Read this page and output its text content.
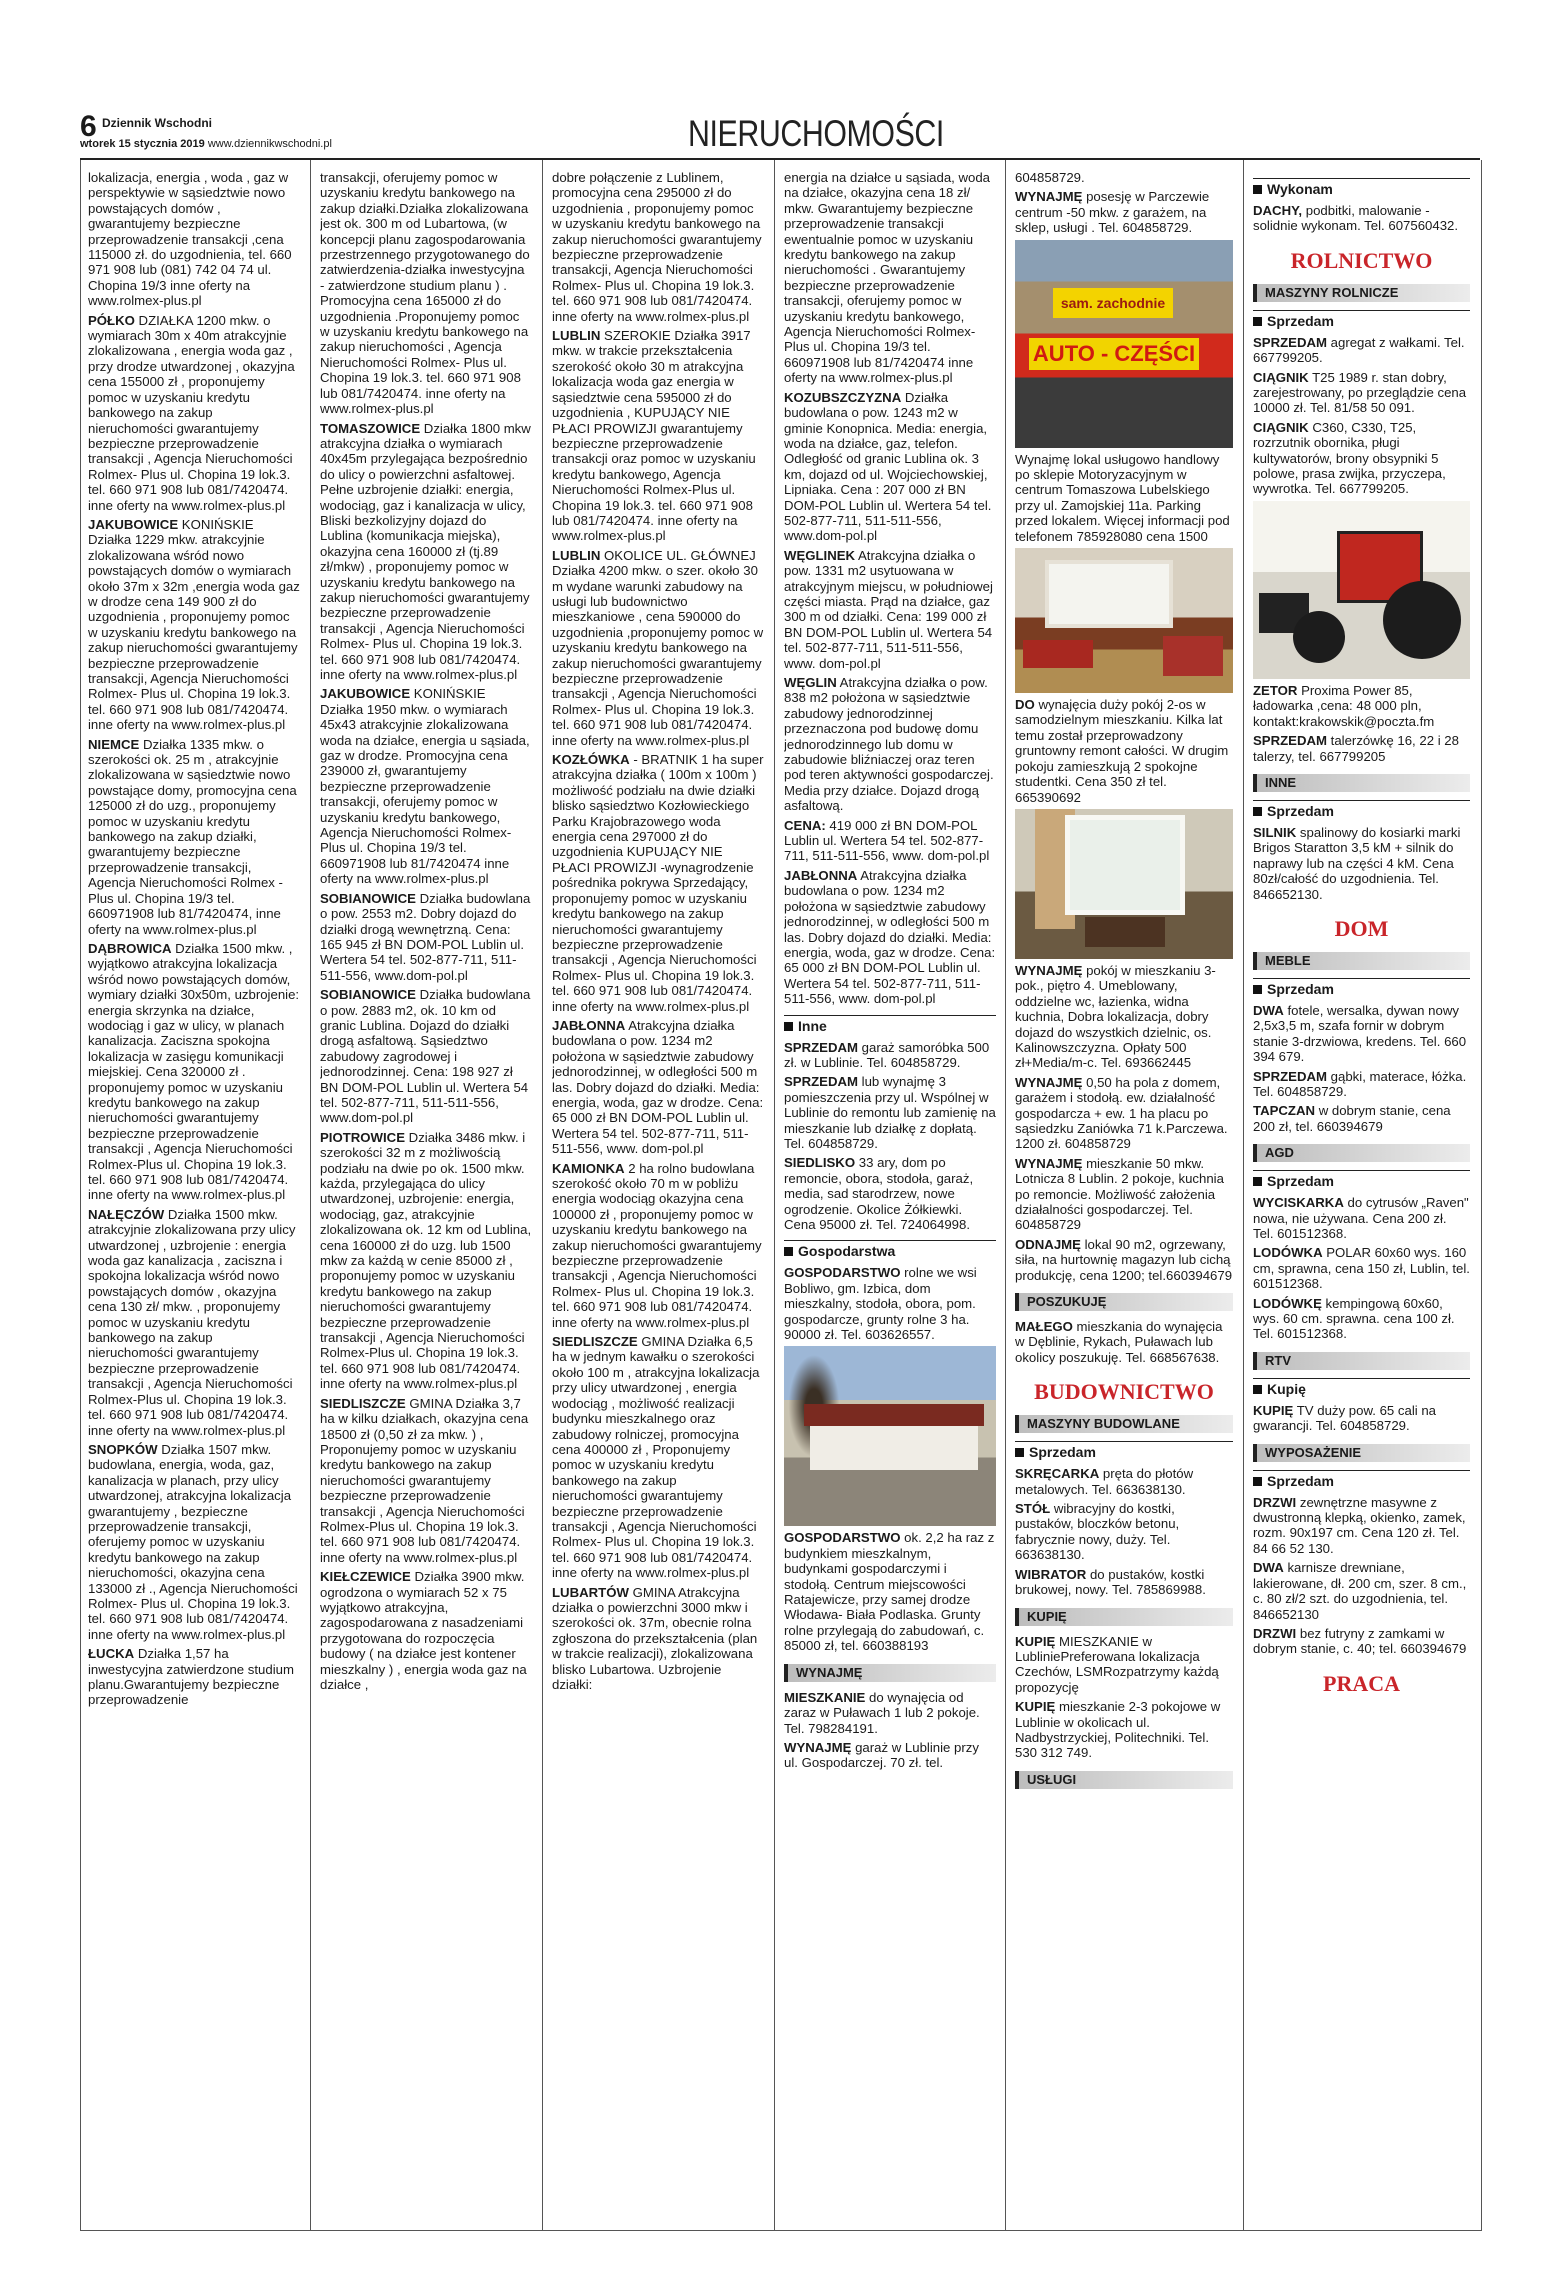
6 Dziennik Wschodni
wtorek 15 stycznia 2019 www.dziennikwschodni.pl	NIERUCHOMOŚCI

lokalizacja, energia , woda , gaz w perspektywie w sąsiedztwie nowo powstających domów , gwarantujemy bezpieczne przeprowadzenie transakcji ,cena 115000 zł. do uzgodnienia, tel. 660 971 908 lub (081) 742 04 74 ul. Chopina 19/3 inne oferty na www.rolmex-plus.pl

PÓŁKO DZIAŁKA 1200 mkw. o wymiarach 30m x 40m atrakcyjnie zlokalizowana , energia woda gaz , przy drodze utwardzonej , okazyjna cena 155000 zł , proponujemy pomoc w uzyskaniu kredytu bankowego na zakup nieruchomości gwarantujemy bezpieczne przeprowadzenie transakcji , Agencja Nieruchomości Rolmex- Plus ul. Chopina 19 lok.3. tel. 660 971 908 lub 081/7420474. inne oferty na www.rolmex-plus.pl

JAKUBOWICE KONIŃSKIE Działka 1229 mkw. atrakcyjnie zlokalizowana wśród nowo powstających domów o wymiarach około 37m x 32m ,energia woda gaz w drodze cena 149 900 zł do uzgodnienia , proponujemy pomoc w uzyskaniu kredytu bankowego na zakup nieruchomości gwarantujemy bezpieczne przeprowadzenie transakcji, Agencja Nieruchomości Rolmex- Plus ul. Chopina 19 lok.3. tel. 660 971 908 lub 081/7420474. inne oferty na www.rolmex-plus.pl

NIEMCE Działka 1335 mkw. o szerokości ok. 25 m , atrakcyjnie zlokalizowana w sąsiedztwie nowo powstające domy, promocyjna cena 125000 zł do uzg., proponujemy pomoc w uzyskaniu kredytu bankowego na zakup działki, gwarantujemy bezpieczne przeprowadzenie transakcji, Agencja Nieruchomości Rolmex - Plus ul. Chopina 19/3 tel. 660971908 lub 81/7420474, inne oferty na www.rolmex-plus.pl

DĄBROWICA Działka 1500 mkw. , wyjątkowo atrakcyjna lokalizacja wśród nowo powstających domów, wymiary działki 30x50m, uzbrojenie: energia skrzynka na działce, wodociąg i gaz w ulicy, w planach kanalizacja. Zaciszna spokojna lokalizacja w zasięgu komunikacji miejskiej. Cena 320000 zł . proponujemy pomoc w uzyskaniu kredytu bankowego na zakup nieruchomości gwarantujemy bezpieczne przeprowadzenie transakcji , Agencja Nieruchomości Rolmex-Plus ul. Chopina 19 lok.3. tel. 660 971 908 lub 081/7420474. inne oferty na www.rolmex-plus.pl

NAŁĘCZÓW Działka 1500 mkw. atrakcyjnie zlokalizowana przy ulicy utwardzonej , uzbrojenie : energia woda gaz kanalizacja , zaciszna i spokojna lokalizacja wśród nowo powstających domów , okazyjna cena 130 zł/ mkw. , proponujemy pomoc w uzyskaniu kredytu bankowego na zakup nieruchomości gwarantujemy bezpieczne przeprowadzenie transakcji , Agencja Nieruchomości Rolmex-Plus ul. Chopina 19 lok.3. tel. 660 971 908 lub 081/7420474. inne oferty na www.rolmex-plus.pl

SNOPKÓW Działka 1507 mkw. budowlana, energia, woda, gaz, kanalizacja w planach, przy ulicy utwardzonej, atrakcyjna lokalizacja gwarantujemy , bezpieczne przeprowadzenie transakcji, oferujemy pomoc w uzyskaniu kredytu bankowego na zakup nieruchomości, okazyjna cena 133000 zł ., Agencja Nieruchomości Rolmex- Plus ul. Chopina 19 lok.3. tel. 660 971 908 lub 081/7420474. inne oferty na www.rolmex-plus.pl

ŁUCKA Działka 1,57 ha inwestycyjna zatwierdzone studium planu.Gwarantujemy bezpieczne przeprowadzenie

transakcji, oferujemy pomoc w uzyskaniu kredytu bankowego na zakup działki.Działka zlokalizowana jest ok. 300 m od Lubartowa, (w koncepcji planu zagospodarowania przestrzennego przygotowanego do zatwierdzenia-działka inwestycyjna - zatwierdzone studium planu ) . Promocyjna cena 165000 zł do uzgodnienia .Proponujemy pomoc w uzyskaniu kredytu bankowego na zakup nieruchomości , Agencja Nieruchomości Rolmex- Plus ul. Chopina 19 lok.3. tel. 660 971 908 lub 081/7420474. inne oferty na www.rolmex-plus.pl

TOMASZOWICE Działka 1800 mkw atrakcyjna działka o wymiarach 40x45m przylegająca bezpośrednio do ulicy o powierzchni asfaltowej. Pełne uzbrojenie działki: energia, wodociąg, gaz i kanalizacja w ulicy, Bliski bezkolizyjny dojazd do Lublina (komunikacja miejska), okazyjna cena 160000 zł (tj.89 zł/mkw) , proponujemy pomoc w uzyskaniu kredytu bankowego na zakup nieruchomości gwarantujemy bezpieczne przeprowadzenie transakcji , Agencja Nieruchomości Rolmex- Plus ul. Chopina 19 lok.3. tel. 660 971 908 lub 081/7420474. inne oferty na www.rolmex-plus.pl

JAKUBOWICE KONIŃSKIE Działka 1950 mkw. o wymiarach 45x43 atrakcyjnie zlokalizowana woda na działce, energia u sąsiada, gaz w drodze. Promocyjna cena 239000 zł, gwarantujemy bezpieczne przeprowadzenie transakcji, oferujemy pomoc w uzyskaniu kredytu bankowego, Agencja Nieruchomości Rolmex- Plus ul. Chopina 19/3 tel. 660971908 lub 81/7420474 inne oferty na www.rolmex-plus.pl

SOBIANOWICE Działka budowlana o pow. 2553 m2. Dobry dojazd do działki drogą wewnętrzną. Cena: 165 945 zł BN DOM-POL Lublin ul. Wertera 54 tel. 502-877-711, 511-511-556, www.dom-pol.pl

SOBIANOWICE Działka budowlana o pow. 2883 m2, ok. 10 km od granic Lublina. Dojazd do działki drogą asfaltową. Sąsiedztwo zabudowy zagrodowej i jednorodzinnej. Cena: 198 927 zł BN DOM-POL Lublin ul. Wertera 54 tel. 502-877-711, 511-511-556, www.dom-pol.pl

PIOTROWICE Działka 3486 mkw. i szerokości 32 m z możliwością podziału na dwie po ok. 1500 mkw. każda, przylegająca do ulicy utwardzonej, uzbrojenie: energia, wodociąg, gaz, atrakcyjnie zlokalizowana ok. 12 km od Lublina, cena 160000 zł do uzg. lub 1500 mkw za każdą w cenie 85000 zł , proponujemy pomoc w uzyskaniu kredytu bankowego na zakup nieruchomości gwarantujemy bezpieczne przeprowadzenie transakcji , Agencja Nieruchomości Rolmex-Plus ul. Chopina 19 lok.3. tel. 660 971 908 lub 081/7420474. inne oferty na www.rolmex-plus.pl

SIEDLISZCZE GMINA Działka 3,7 ha w kilku działkach, okazyjna cena 18500 zł (0,50 zł za mkw. ) , Proponujemy pomoc w uzyskaniu kredytu bankowego na zakup nieruchomości gwarantujemy bezpieczne przeprowadzenie transakcji , Agencja Nieruchomości Rolmex-Plus ul. Chopina 19 lok.3. tel. 660 971 908 lub 081/7420474. inne oferty na www.rolmex-plus.pl

KIEŁCZEWICE Działka 3900 mkw. ogrodzona o wymiarach 52 x 75 wyjątkowo atrakcyjna, zagospodarowana z nasadzeniami przygotowana do rozpoczęcia budowy ( na działce jest kontener mieszkalny ) , energia woda gaz na działce ,

dobre połączenie z Lublinem, promocyjna cena 295000 zł do uzgodnienia , proponujemy pomoc w uzyskaniu kredytu bankowego na zakup nieruchomości gwarantujemy bezpieczne przeprowadzenie transakcji, Agencja Nieruchomości Rolmex- Plus ul. Chopina 19 lok.3. tel. 660 971 908 lub 081/7420474. inne oferty na www.rolmex-plus.pl

LUBLIN SZEROKIE Działka 3917 mkw. w trakcie przekształcenia szerokość około 30 m atrakcyjna lokalizacja woda gaz energia w sąsiedztwie cena 595000 zł do uzgodnienia , KUPUJĄCY NIE PŁACI PROWIZJI gwarantujemy bezpieczne przeprowadzenie transakcji oraz pomoc w uzyskaniu kredytu bankowego, Agencja Nieruchomości Rolmex-Plus ul. Chopina 19 lok.3. tel. 660 971 908 lub 081/7420474. inne oferty na www.rolmex-plus.pl

LUBLIN OKOLICE UL. GŁÓWNEJ Działka 4200 mkw. o szer. około 30 m wydane warunki zabudowy na usługi lub budownictwo mieszkaniowe , cena 590000 do uzgodnienia ,proponujemy pomoc w uzyskaniu kredytu bankowego na zakup nieruchomości gwarantujemy bezpieczne przeprowadzenie transakcji , Agencja Nieruchomości Rolmex- Plus ul. Chopina 19 lok.3. tel. 660 971 908 lub 081/7420474. inne oferty na www.rolmex-plus.pl

KOZŁÓWKA - BRATNIK 1 ha super atrakcyjna działka ( 100m x 100m ) możliwość podziału na dwie działki blisko sąsiedztwo Kozłowieckiego Parku Krajobrazowego woda energia cena 297000 zł do uzgodnienia KUPUJĄCY NIE PŁACI PROWIZJI -wynagrodzenie pośrednika pokrywa Sprzedający, proponujemy pomoc w uzyskaniu kredytu bankowego na zakup nieruchomości gwarantujemy bezpieczne przeprowadzenie transakcji , Agencja Nieruchomości Rolmex- Plus ul. Chopina 19 lok.3. tel. 660 971 908 lub 081/7420474. inne oferty na www.rolmex-plus.pl

JABŁONNA Atrakcyjna działka budowlana o pow. 1234 m2 położona w sąsiedztwie zabudowy jednorodzinnej, w odległości 500 m las. Dobry dojazd do działki. Media: energia, woda, gaz w drodze. Cena: 65 000 zł BN DOM-POL Lublin ul. Wertera 54 tel. 502-877-711, 511-511-556, www. dom-pol.pl

KAMIONKA 2 ha rolno budowlana szerokość około 70 m w pobliżu energia wodociąg okazyjna cena 100000 zł , proponujemy pomoc w uzyskaniu kredytu bankowego na zakup nieruchomości gwarantujemy bezpieczne przeprowadzenie transakcji , Agencja Nieruchomości Rolmex- Plus ul. Chopina 19 lok.3. tel. 660 971 908 lub 081/7420474. inne oferty na www.rolmex-plus.pl

SIEDLISZCZE GMINA Działka 6,5 ha w jednym kawałku o szerokości około 100 m , atrakcyjna lokalizacja przy ulicy utwardzonej , energia wodociąg , możliwość realizacji budynku mieszkalnego oraz zabudowy rolniczej, promocyjna cena 400000 zł , Proponujemy pomoc w uzyskaniu kredytu bankowego na zakup nieruchomości gwarantujemy bezpieczne przeprowadzenie transakcji , Agencja Nieruchomości Rolmex- Plus ul. Chopina 19 lok.3. tel. 660 971 908 lub 081/7420474. inne oferty na www.rolmex-plus.pl

LUBARTÓW GMINA Atrakcyjna działka o powierzchni 3000 mkw i szerokości ok. 37m, obecnie rolna zgłoszona do przekształcenia (plan w trakcie realizacji), zlokalizowana blisko Lubartowa. Uzbrojenie działki:

energia na działce u sąsiada, woda na działce, okazyjna cena 18 zł/ mkw. Gwarantujemy bezpieczne przeprowadzenie transakcji ewentualnie pomoc w uzyskaniu kredytu bankowego na zakup nieruchomości . Gwarantujemy bezpieczne przeprowadzenie transakcji, oferujemy pomoc w uzyskaniu kredytu bankowego, Agencja Nieruchomości Rolmex- Plus ul. Chopina 19/3 tel. 660971908 lub 81/7420474 inne oferty na www.rolmex-plus.pl

KOZUBSZCZYZNA Działka budowlana o pow. 1243 m2 w gminie Konopnica. Media: energia, woda na działce, gaz, telefon. Odległość od granic Lublina ok. 3 km, dojazd od ul. Wojciechowskiej, Lipniaka. Cena : 207 000 zł BN DOM-POL Lublin ul. Wertera 54 tel. 502-877-711, 511-511-556, www.dom-pol.pl

WĘGLINEK Atrakcyjna działka o pow. 1331 m2 usytuowana w atrakcyjnym miejscu, w południowej części miasta. Prąd na działce, gaz 300 m od działki. Cena: 199 000 zł BN DOM-POL Lublin ul. Wertera 54 tel. 502-877-711, 511-511-556, www. dom-pol.pl

WĘGLIN Atrakcyjna działka o pow. 838 m2 położona w sąsiedztwie zabudowy jednorodzinnej przeznaczona pod budowę domu jednorodzinnego lub domu w zabudowie bliźniaczej oraz teren pod teren aktywności gospodarczej. Media przy działce. Dojazd drogą asfaltową.

CENA: 419 000 zł BN DOM-POL Lublin ul. Wertera 54 tel. 502-877-711, 511-511-556, www. dom-pol.pl

JABŁONNA Atrakcyjna działka budowlana o pow. 1234 m2 położona w sąsiedztwie zabudowy jednorodzinnej, w odległości 500 m las. Dobry dojazd do działki. Media: energia, woda, gaz w drodze. Cena: 65 000 zł BN DOM-POL Lublin ul. Wertera 54 tel. 502-877-711, 511-511-556, www. dom-pol.pl

Inne

SPRZEDAM garaż samoróbka 500 zł. w Lublinie. Tel. 604858729.

SPRZEDAM lub wynajmę 3 pomieszczenia przy ul. Wspólnej w Lublinie do remontu lub zamienię na mieszkanie lub działkę z dopłatą. Tel. 604858729.

SIEDLISKO 33 ary, dom po remoncie, obora, stodoła, garaż, media, sad starodrzew, nowe ogrodzenie. Okolice Żółkiewki. Cena 95000 zł. Tel. 724064998.

Gospodarstwa

GOSPODARSTWO rolne we wsi Bobliwo, gm. Izbica, dom mieszkalny, stodoła, obora, pom. gospodarcze, grunty rolne 3 ha. 90000 zł. Tel. 603626557.

GOSPODARSTWO ok. 2,2 ha raz z budynkiem mieszkalnym, budynkami gospodarczymi i stodołą. Centrum miejscowości Ratajewicze, przy samej drodze Włodawa- Biała Podlaska. Grunty rolne przylegają do zabudowań, c. 85000 zł, tel. 660388193

WYNAJMĘ

MIESZKANIE do wynajęcia od zaraz w Puławach 1 lub 2 pokoje. Tel. 798284191.

WYNAJMĘ garaż w Lublinie przy ul. Gospodarczej. 70 zł. tel.

604858729.

WYNAJMĘ posesję w Parczewie centrum -50 mkw. z garażem, na sklep, usługi . Tel. 604858729.

sam. zachodnie
AUTO - CZĘŚCI

Wynajmę lokal usługowo handlowy po sklepie Motoryzacyjnym w centrum Tomaszowa Lubelskiego przy ul. Zamojskiej 11a. Parking przed lokalem. Więcej informacji pod telefonem 785928080 cena 1500

DO wynajęcia duży pokój 2-os w samodzielnym mieszkaniu. Kilka lat temu został przeprowadzony gruntowny remont całości. W drugim pokoju zamieszkują 2 spokojne studentki. Cena 350 zł tel. 665390692

WYNAJMĘ pokój w mieszkaniu 3-pok., piętro 4. Umeblowany, oddzielne wc, łazienka, widna kuchnia, Dobra lokalizacja, dobry dojazd do wszystkich dzielnic, os. Kalinowszczyzna. Opłaty 500 zł+Media/m-c. Tel. 693662445

WYNAJMĘ 0,50 ha pola z domem, garażem i stodołą. ew. działalność gospodarcza + ew. 1 ha placu po sąsiedzku Zaniówka 71 k.Parczewa. 1200 zł. 604858729

WYNAJMĘ mieszkanie 50 mkw. Lotnicza 8 Lublin. 2 pokoje, kuchnia po remoncie. Możliwość założenia działalności gospodarczej. Tel. 604858729

ODNAJMĘ lokal 90 m2, ogrzewany, siła, na hurtownię magazyn lub cichą produkcję, cena 1200; tel.660394679

POSZUKUJĘ

MAŁEGO mieszkania do wynajęcia w Dęblinie, Rykach, Puławach lub okolicy poszukuję. Tel. 668567638.

BUDOWNICTWO
MASZYNY BUDOWLANE
Sprzedam

SKRĘCARKA pręta do płotów metalowych. Tel. 663638130.

STÓŁ wibracyjny do kostki, pustaków, bloczków betonu, fabrycznie nowy, duży. Tel. 663638130.

WIBRATOR do pustaków, kostki brukowej, nowy. Tel. 785869988.

KUPIĘ

KUPIĘ MIESZKANIE w LubliniePreferowana lokalizacja Czechów, LSMRozpatrzymy każdą propozycję

KUPIĘ mieszkanie 2-3 pokojowe w Lublinie w okolicach ul. Nadbystrzyckiej, Politechniki. Tel. 530 312 749.

USŁUGI
Wykonam

DACHY, podbitki, malowanie - solidnie wykonam. Tel. 607560432.

ROLNICTWO
MASZYNY ROLNICZE
Sprzedam

SPRZEDAM agregat z wałkami. Tel. 667799205.

CIĄGNIK T25 1989 r. stan dobry, zarejestrowany, po przeglądzie cena 10000 zł. Tel. 81/58 50 091.

CIĄGNIK C360, C330, T25, rozrzutnik obornika, pługi kultywatorów, brony obsypniki 5 polowe, prasa zwijka, przyczepa, wywrotka. Tel. 667799205.

ZETOR Proxima Power 85, ładowarka ,cena: 48 000 pln, kontakt:krakowskik@poczta.fm

SPRZEDAM talerzówkę 16, 22 i 28 talerzy, tel. 667799205

INNE
Sprzedam

SILNIK spalinowy do kosiarki marki Brigos Staratton 3,5 kM + silnik do naprawy lub na części 4 kM. Cena 80zł/całość do uzgodnienia. Tel. 846652130.

DOM
MEBLE
Sprzedam

DWA fotele, wersalka, dywan nowy 2,5x3,5 m, szafa fornir w dobrym stanie 3-drzwiowa, kredens. Tel. 660 394 679.

SPRZEDAM gąbki, materace, łóżka. Tel. 604858729.

TAPCZAN w dobrym stanie, cena 200 zł, tel. 660394679

AGD
Sprzedam

WYCISKARKA do cytrusów „Raven" nowa, nie używana. Cena 200 zł. Tel. 601512368.

LODÓWKA POLAR 60x60 wys. 160 cm, sprawna, cena 150 zł, Lublin, tel. 601512368.

LODÓWKĘ kempingową 60x60, wys. 60 cm. sprawna. cena 100 zł. Tel. 601512368.

RTV
Kupię

KUPIĘ TV duży pow. 65 cali na gwarancji. Tel. 604858729.

WYPOSAŻENIE
Sprzedam

DRZWI zewnętrzne masywne z dwustronną klepką, okienko, zamek, rozm. 90x197 cm. Cena 120 zł. Tel. 84 66 52 130.

DWA karnisze drewniane, lakierowane, dł. 200 cm, szer. 8 cm., c. 80 zł/2 szt. do uzgodnienia, tel. 846652130

DRZWI bez futryny z zamkami w dobrym stanie, c. 40; tel. 660394679

PRACA
